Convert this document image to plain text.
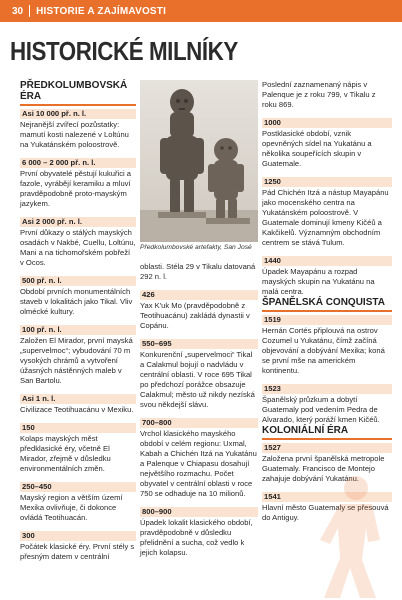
30	HISTORIE A ZAJÍMAVOSTI
HISTORICKÉ MILNÍKY
PŘEDKOLUMBOVSKÁ ÉRA
Asi 10 000 př. n. l.
Nejranější zvířecí pozůstatky: mamutí kosti nalezené v Loltúnu na Yukatánském poloostrově.
6 000 – 2 000 př. n. l.
První obyvatelé pěstují kukuřici a fazole, vyrábějí keramiku a mluví pravděpodobně proto-mayským jazykem.
Asi 2 000 př. n. l.
První důkazy o stálých mayských osadách v Nakbé, Cuellu, Loltúnu, Mani a na tichomořském pobřeží v Ocos.
500 př. n. l.
Období prvních monumentálních staveb v lokalitách jako Tikal. Vliv olmécké kultury.
100 př. n. l.
Založen El Mirador, první mayská „supervelmoc“; vybudování 70 m vysokých chrámů a vytvoření úžasných nástěnných maleb v San Bartolu.
Asi 1 n. l.
Civilizace Teotihuacánu v Mexiku.
150
Kolaps mayských měst předklasické éry, včetně El Mirador, zřejmě v důsledku environmentálních změn.
250–450
Mayský region a větším území Mexika ovlivňuje, či dokonce ovládá Teotihuacán.
300
Počátek klasické éry. První stély s přesným datem v centrální
Předkolumbovské artefakty, San José
oblasti. Stéla 29 v Tikalu datovaná 292 n. l.
426
Yax K'uk Mo (pravděpodobně z Teotihuacánu) zakládá dynastii v Copánu.
550–695
Konkurenční „supervelmoci“ Tikal a Calakmul bojují o nadvládu v centrální oblasti. V roce 695 Tikal po předchozí porážce obsazuje Calakmul; město už nikdy nezíská svou někdejší slávu.
700–800
Vrchol klasického mayského období v celém regionu: Uxmal, Kabah a Chichén Itzá na Yukatánu a Palenque v Chiapasu dosahují největšího rozmachu. Počet obyvatel v centrální oblasti v roce 750 se odhaduje na 10 milionů.
800–900
Úpadek lokalit klasického období, pravděpodobně v důsledku přelidnění a sucha, což vedlo k jejich kolapsu.
Poslední zaznamenaný nápis v Palenque je z roku 799, v Tikalu z roku 869.
1000
Postklasické období, vznik opevněných sídel na Yukatánu a několika soupeřících skupin v Guatemale.
1250
Pád Chichén Itzá a nástup Mayapánu jako mocenského centra na Yukatánském poloostrově. V Guatemale dominují kmeny Kičéů a Kakčikelů. Významným obchodním centrem se stává Tulum.
1440
Úpadek Mayapánu a rozpad mayských skupin na Yukatánu na malá centra.
ŠPANĚLSKÁ CONQUISTA
1519
Hernán Cortés připlouvá na ostrov Cozumel u Yukatánu, čímž začíná objevování a dobývání Mexika; koná se první mše na americkém kontinentu.
1523
Španělský průzkum a dobytí Guatemaly pod vedením Pedra de Alvarado, který poráží kmen Kičéů.
KOLONIÁLNÍ ÉRA
1527
Založena první španělská metropole Guatemaly. Francisco de Montejo zahajuje dobývání Yukatánu.
1541
Hlavní město Guatemaly se přesouvá do Antiguy.
